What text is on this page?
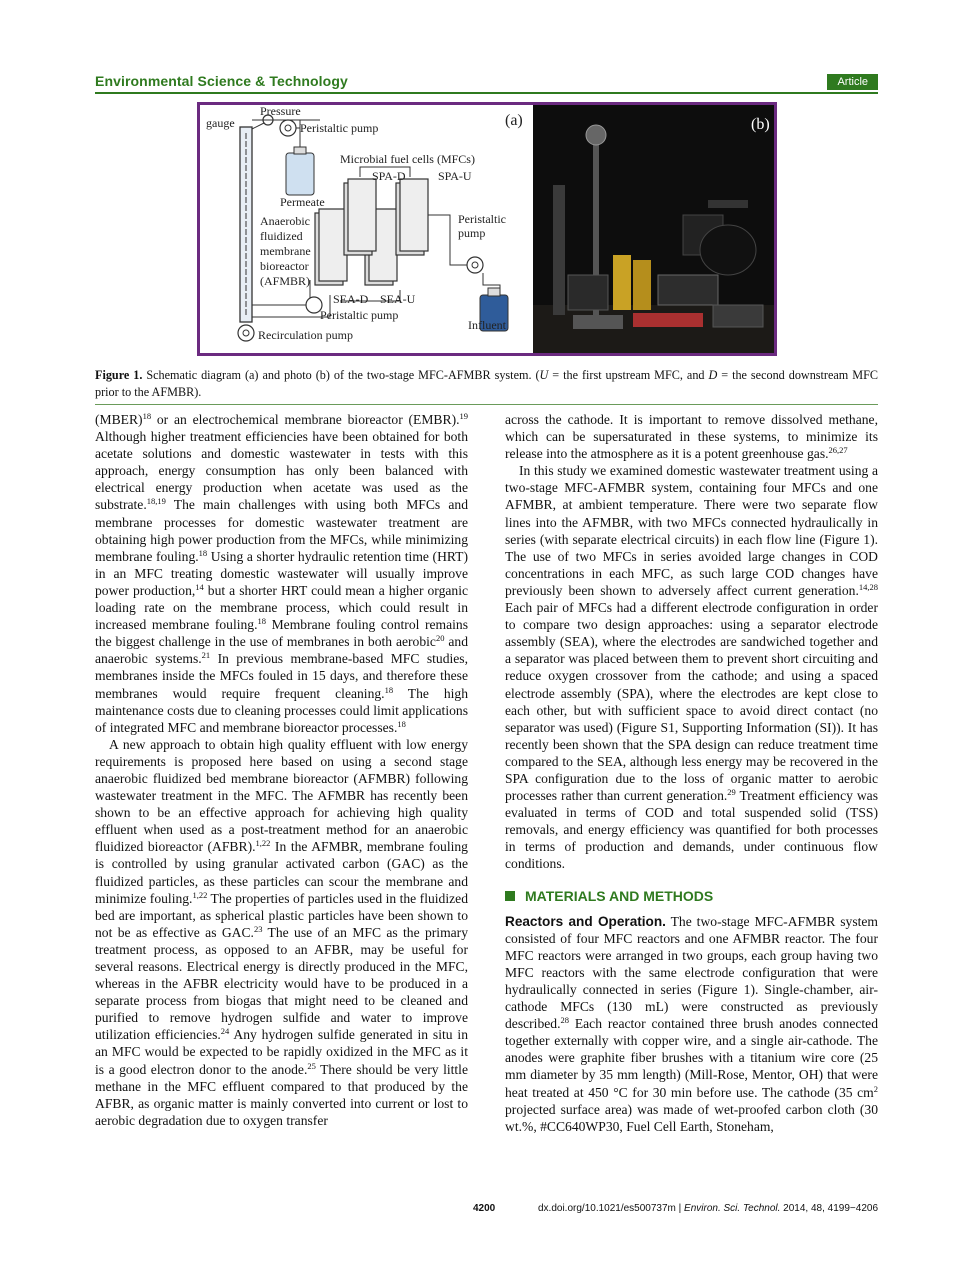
Environmental Science & Technology	Article
(a)
Pressure
gauge	Peristaltic pump
Microbial fuel cells (MFCs)
SPA-D	SPA-U
Permeate
Anaerobic
fluidized
membrane
bioreactor
(AFMBR)
Peristaltic
pump
SEA-D SEA-U
Peristaltic pump
Influent
Recirculation pump
(b)
Figure 1. Schematic diagram (a) and photo (b) of the two-stage MFC-AFMBR system. (U = the first upstream MFC, and D = the second downstream MFC prior to the AFMBR).

(MBER)$^{18}$ or an electrochemical membrane bioreactor (EMBR).$^{19}$ Although higher treatment efficiencies have been obtained for both acetate solutions and domestic wastewater in tests with this approach, energy consumption has only been balanced with electrical energy production when acetate was used as the substrate.$^{18,19}$ The main challenges with using both MFCs and membrane processes for domestic wastewater treatment are obtaining high power production from the MFCs, while minimizing membrane fouling.$^{18}$ Using a shorter hydraulic retention time (HRT) in an MFC treating domestic wastewater will usually improve power production,$^{14}$ but a shorter HRT could mean a higher organic loading rate on the membrane process, which could result in increased membrane fouling.$^{18}$ Membrane fouling control remains the biggest challenge in the use of membranes in both aerobic$^{20}$ and anaerobic systems.$^{21}$ In previous membrane-based MFC studies, membranes inside the MFCs fouled in 15 days, and therefore these membranes would require frequent cleaning.$^{18}$ The high maintenance costs due to cleaning processes could limit applications of integrated MFC and membrane bioreactor processes.$^{18}$

A new approach to obtain high quality effluent with low energy requirements is proposed here based on using a second stage anaerobic fluidized bed membrane bioreactor (AFMBR) following wastewater treatment in the MFC. The AFMBR has recently been shown to be an effective approach for achieving high quality effluent when used as a post-treatment method for an anaerobic fluidized bioreactor (AFBR).$^{1,22}$ In the AFMBR, membrane fouling is controlled by using granular activated carbon (GAC) as the fluidized particles, as these particles can scour the membrane and minimize fouling.$^{1,22}$ The properties of particles used in the fluidized bed are important, as spherical plastic particles have been shown to not be as effective as GAC.$^{23}$ The use of an MFC as the primary treatment process, as opposed to an AFBR, may be useful for several reasons. Electrical energy is directly produced in the MFC, whereas in the AFBR electricity would have to be produced in a separate process from biogas that might need to be cleaned and purified to remove hydrogen sulfide and water to improve utilization efficiencies.$^{24}$ Any hydrogen sulfide generated in situ in an MFC would be expected to be rapidly oxidized in the MFC as it is a good electron donor to the anode.$^{25}$ There should be very little methane in the MFC effluent compared to that produced by the AFBR, as organic matter is mainly converted into current or lost to aerobic degradation due to oxygen transfer

across the cathode. It is important to remove dissolved methane, which can be supersaturated in these systems, to minimize its release into the atmosphere as it is a potent greenhouse gas.$^{26,27}$

In this study we examined domestic wastewater treatment using a two-stage MFC-AFMBR system, containing four MFCs and one AFMBR, at ambient temperature. There were two separate flow lines into the AFMBR, with two MFCs connected hydraulically in series (with separate electrical circuits) in each flow line (Figure 1). The use of two MFCs in series avoided large changes in COD concentrations in each MFC, as such large COD changes have previously been shown to adversely affect current generation.$^{14,28}$ Each pair of MFCs had a different electrode configuration in order to compare two design approaches: using a separator electrode assembly (SEA), where the electrodes are sandwiched together and a separator was placed between them to prevent short circuiting and reduce oxygen crossover from the cathode; and using a spaced electrode assembly (SPA), where the electrodes are kept close to each other, but with sufficient space to avoid direct contact (no separator was used) (Figure S1, Supporting Information (SI)). It has recently been shown that the SPA design can reduce treatment time compared to the SEA, although less energy may be recovered in the SPA configuration due to the loss of organic matter to aerobic processes rather than current generation.$^{29}$ Treatment efficiency was evaluated in terms of COD and total suspended solid (TSS) removals, and energy efficiency was quantified for both processes in terms of production and demands, under continuous flow conditions.

MATERIALS AND METHODS

Reactors and Operation. The two-stage MFC-AFMBR system consisted of four MFC reactors and one AFMBR reactor. The four MFC reactors were arranged in two groups, each group having two MFC reactors with the same electrode configuration that were hydraulically connected in series (Figure 1). Single-chamber, air-cathode MFCs (130 mL) were constructed as previously described.$^{28}$ Each reactor contained three brush anodes connected together externally with copper wire, and a single air-cathode. The anodes were graphite fiber brushes with a titanium wire core (25 mm diameter by 35 mm length) (Mill-Rose, Mentor, OH) that were heat treated at 450 °C for 30 min before use. The cathode (35 $cm^2$ projected surface area) was made of wet-proofed carbon cloth (30 wt.%, #CC640WP30, Fuel Cell Earth, Stoneham,

4200	dx.doi.org/10.1021/es500737m | Environ. Sci. Technol. 2014, 48, 4199−4206
